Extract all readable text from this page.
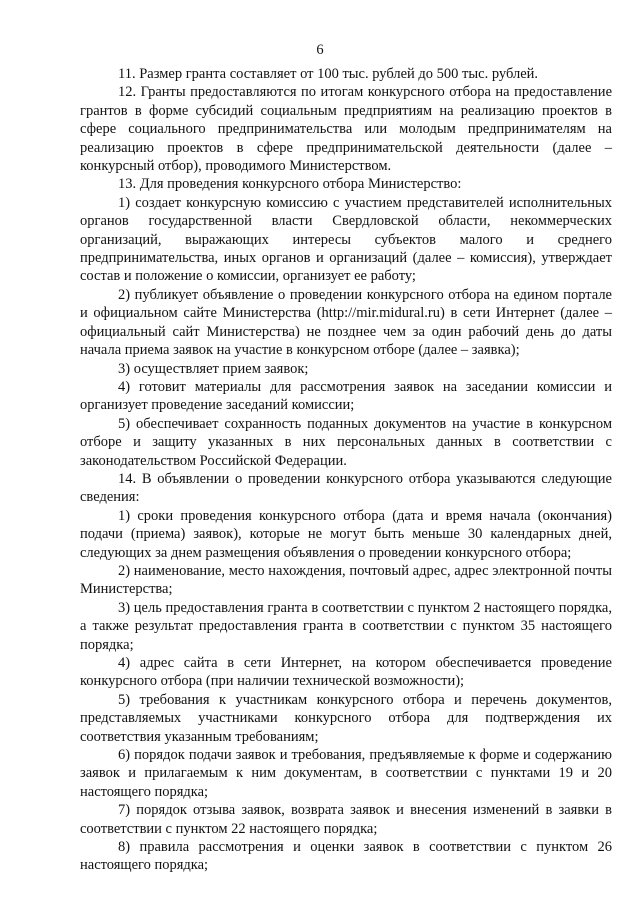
6

11. Размер гранта составляет от 100 тыс. рублей до 500 тыс. рублей.

12. Гранты предоставляются по итогам конкурсного отбора на предоставление грантов в форме субсидий социальным предприятиям на реализацию проектов в сфере социального предпринимательства или молодым предпринимателям на реализацию проектов в сфере предпринимательской деятельности (далее – конкурсный отбор), проводимого Министерством.

13. Для проведения конкурсного отбора Министерство:

1) создает конкурсную комиссию с участием представителей исполнительных органов государственной власти Свердловской области, некоммерческих организаций, выражающих интересы субъектов малого и среднего предпринимательства, иных органов и организаций (далее – комиссия), утверждает состав и положение о комиссии, организует ее работу;

2) публикует объявление о проведении конкурсного отбора на едином портале и официальном сайте Министерства (http://mir.midural.ru) в сети Интернет (далее – официальный сайт Министерства) не позднее чем за один рабочий день до даты начала приема заявок на участие в конкурсном отборе (далее – заявка);

3) осуществляет прием заявок;

4) готовит материалы для рассмотрения заявок на заседании комиссии и организует проведение заседаний комиссии;

5) обеспечивает сохранность поданных документов на участие в конкурсном отборе и защиту указанных в них персональных данных в соответствии с законодательством Российской Федерации.

14. В объявлении о проведении конкурсного отбора указываются следующие сведения:

1) сроки проведения конкурсного отбора (дата и время начала (окончания) подачи (приема) заявок), которые не могут быть меньше 30 календарных дней, следующих за днем размещения объявления о проведении конкурсного отбора;

2) наименование, место нахождения, почтовый адрес, адрес электронной почты Министерства;

3) цель предоставления гранта в соответствии с пунктом 2 настоящего порядка, а также результат предоставления гранта в соответствии с пунктом 35 настоящего порядка;

4) адрес сайта в сети Интернет, на котором обеспечивается проведение конкурсного отбора (при наличии технической возможности);

5) требования к участникам конкурсного отбора и перечень документов, представляемых участниками конкурсного отбора для подтверждения их соответствия указанным требованиям;

6) порядок подачи заявок и требования, предъявляемые к форме и содержанию заявок и прилагаемым к ним документам, в соответствии с пунктами 19 и 20 настоящего порядка;

7) порядок отзыва заявок, возврата заявок и внесения изменений в заявки в соответствии с пунктом 22 настоящего порядка;

8) правила рассмотрения и оценки заявок в соответствии с пунктом 26 настоящего порядка;
